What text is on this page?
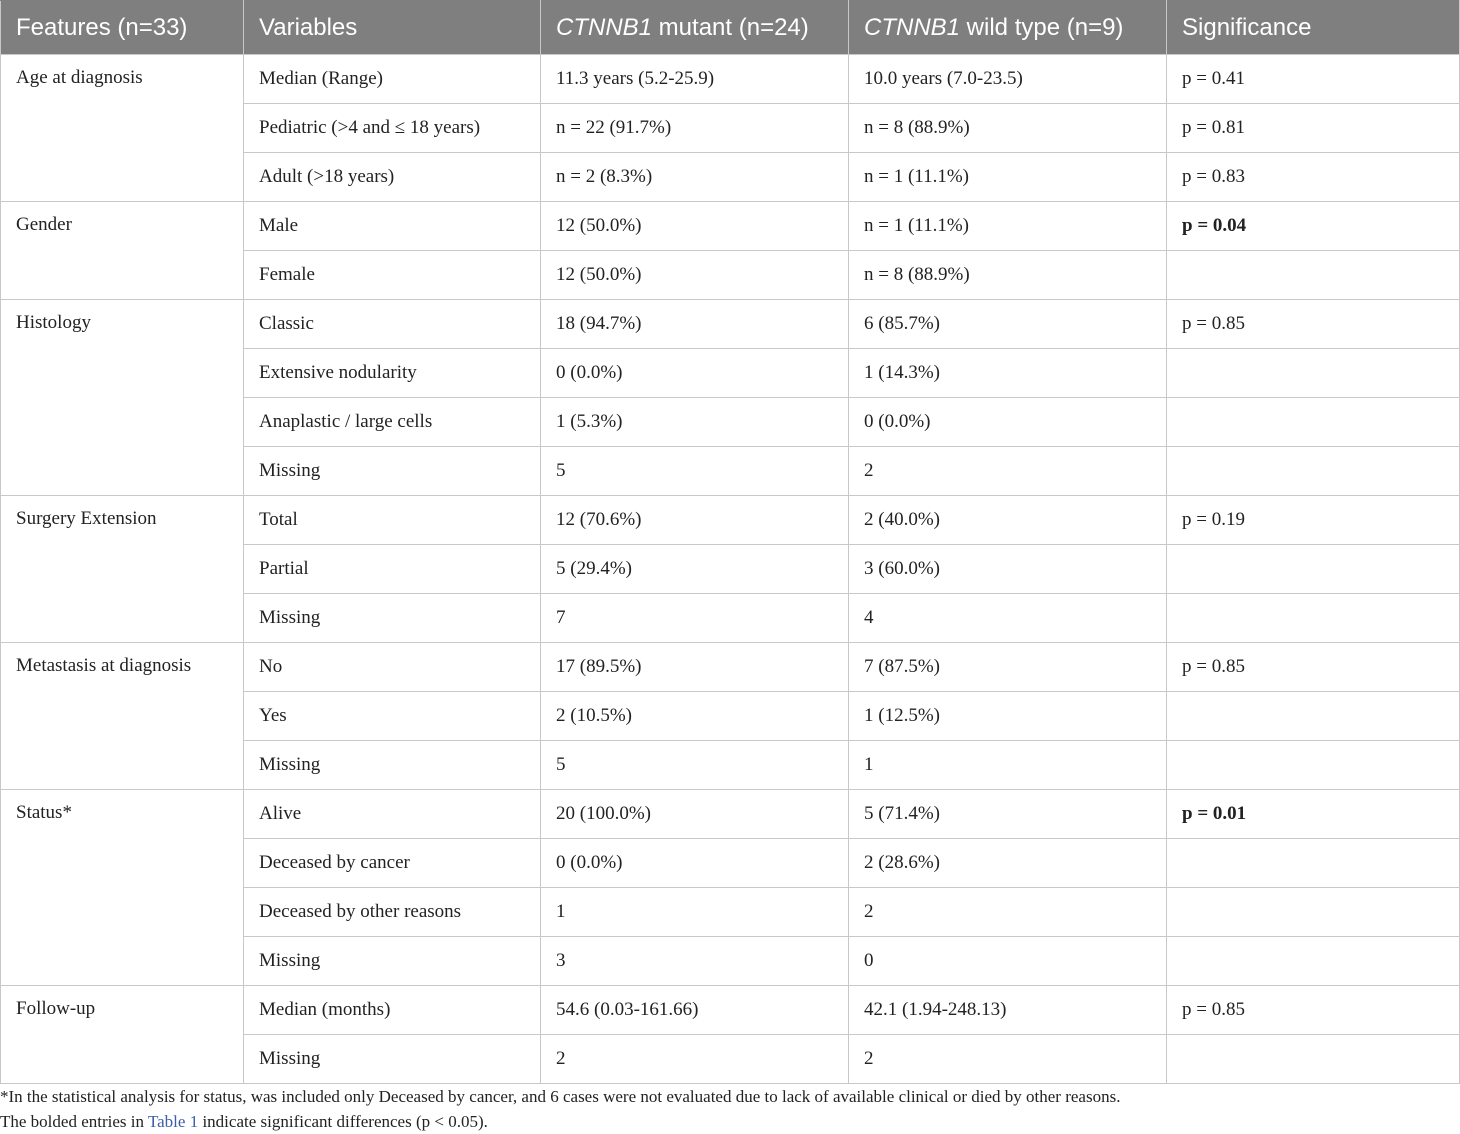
Features (n=33)	Variables	CTNNB1 mutant (n=24)	CTNNB1 wild type (n=9)	Significance
Age at diagnosis	Median (Range)	11.3 years (5.2-25.9)	10.0 years (7.0-23.5)	p = 0.41
	Pediatric (>4 and ≤ 18 years)	n = 22 (91.7%)	n = 8 (88.9%)	p = 0.81
	Adult (>18 years)	n = 2 (8.3%)	n = 1 (11.1%)	p = 0.83
Gender	Male	12 (50.0%)	n = 1 (11.1%)	p = 0.04
	Female	12 (50.0%)	n = 8 (88.9%)	
Histology	Classic	18 (94.7%)	6 (85.7%)	p = 0.85
	Extensive nodularity	0 (0.0%)	1 (14.3%)	
	Anaplastic / large cells	1 (5.3%)	0 (0.0%)	
	Missing	5	2	
Surgery Extension	Total	12 (70.6%)	2 (40.0%)	p = 0.19
	Partial	5 (29.4%)	3 (60.0%)	
	Missing	7	4	
Metastasis at diagnosis	No	17 (89.5%)	7 (87.5%)	p = 0.85
	Yes	2 (10.5%)	1 (12.5%)	
	Missing	5	1	
Status*	Alive	20 (100.0%)	5 (71.4%)	p = 0.01
	Deceased by cancer	0 (0.0%)	2 (28.6%)	
	Deceased by other reasons	1	2	
	Missing	3	0	
Follow-up	Median (months)	54.6 (0.03-161.66)	42.1 (1.94-248.13)	p = 0.85
	Missing	2	2	
*In the statistical analysis for status, was included only Deceased by cancer, and 6 cases were not evaluated due to lack of available clinical or died by other reasons.
The bolded entries in Table 1 indicate significant differences (p < 0.05).
